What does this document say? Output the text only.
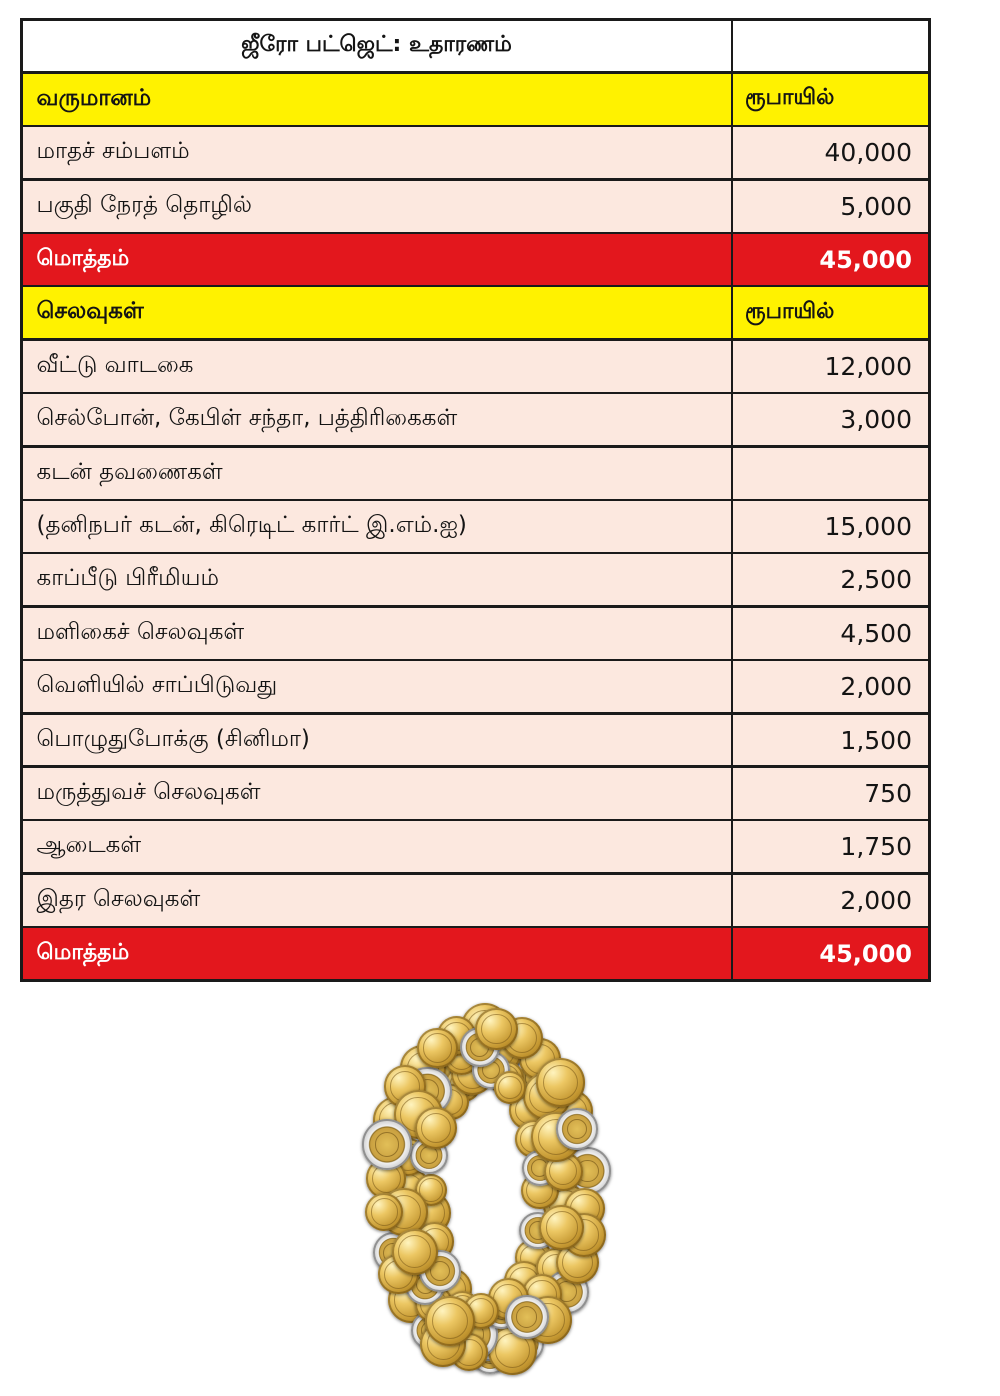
ஜீரோ பட்ஜெட்: உதாரணம்
வருமானம்	ரூபாயில்
மாதச் சம்பளம்	40,000
பகுதி நேரத் தொழில்	5,000
மொத்தம்	45,000
செலவுகள்	ரூபாயில்
வீட்டு வாடகை	12,000
செல்போன், கேபிள் சந்தா, பத்திரிகைகள்	3,000
கடன் தவணைகள்
(தனிநபர் கடன், கிரெடிட் கார்ட் இ.எம்.ஐ)	15,000
காப்பீடு பிரீமியம்	2,500
மளிகைச் செலவுகள்	4,500
வெளியில் சாப்பிடுவது	2,000
பொழுதுபோக்கு (சினிமா)	1,500
மருத்துவச் செலவுகள்	750
ஆடைகள்	1,750
இதர செலவுகள்	2,000
மொத்தம்	45,000
